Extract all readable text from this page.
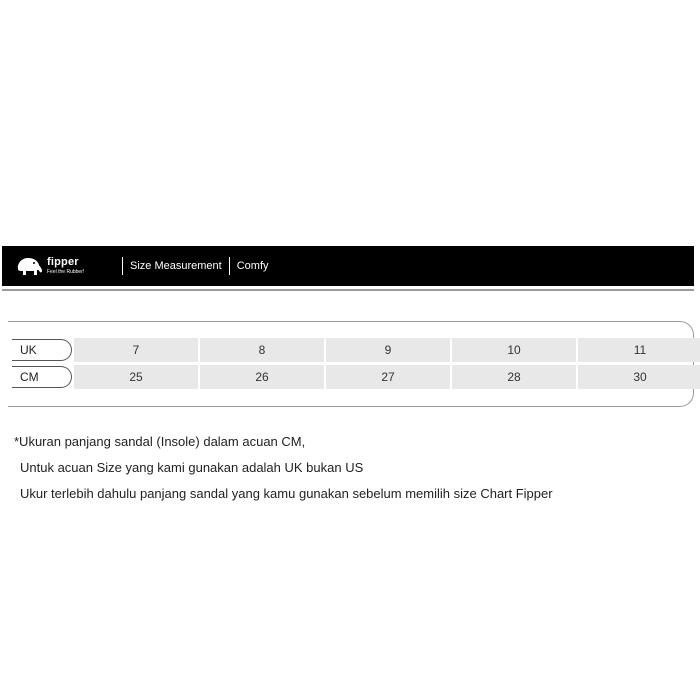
fipper
Feel the Rubber!	Size Measurement Comfy
UK	7	8	9	10	11
CM	25	26	27	28	30
*Ukuran panjang sandal (Insole) dalam acuan CM,
Untuk acuan Size yang kami gunakan adalah UK bukan US
Ukur terlebih dahulu panjang sandal yang kamu gunakan sebelum memilih size Chart Fipper
